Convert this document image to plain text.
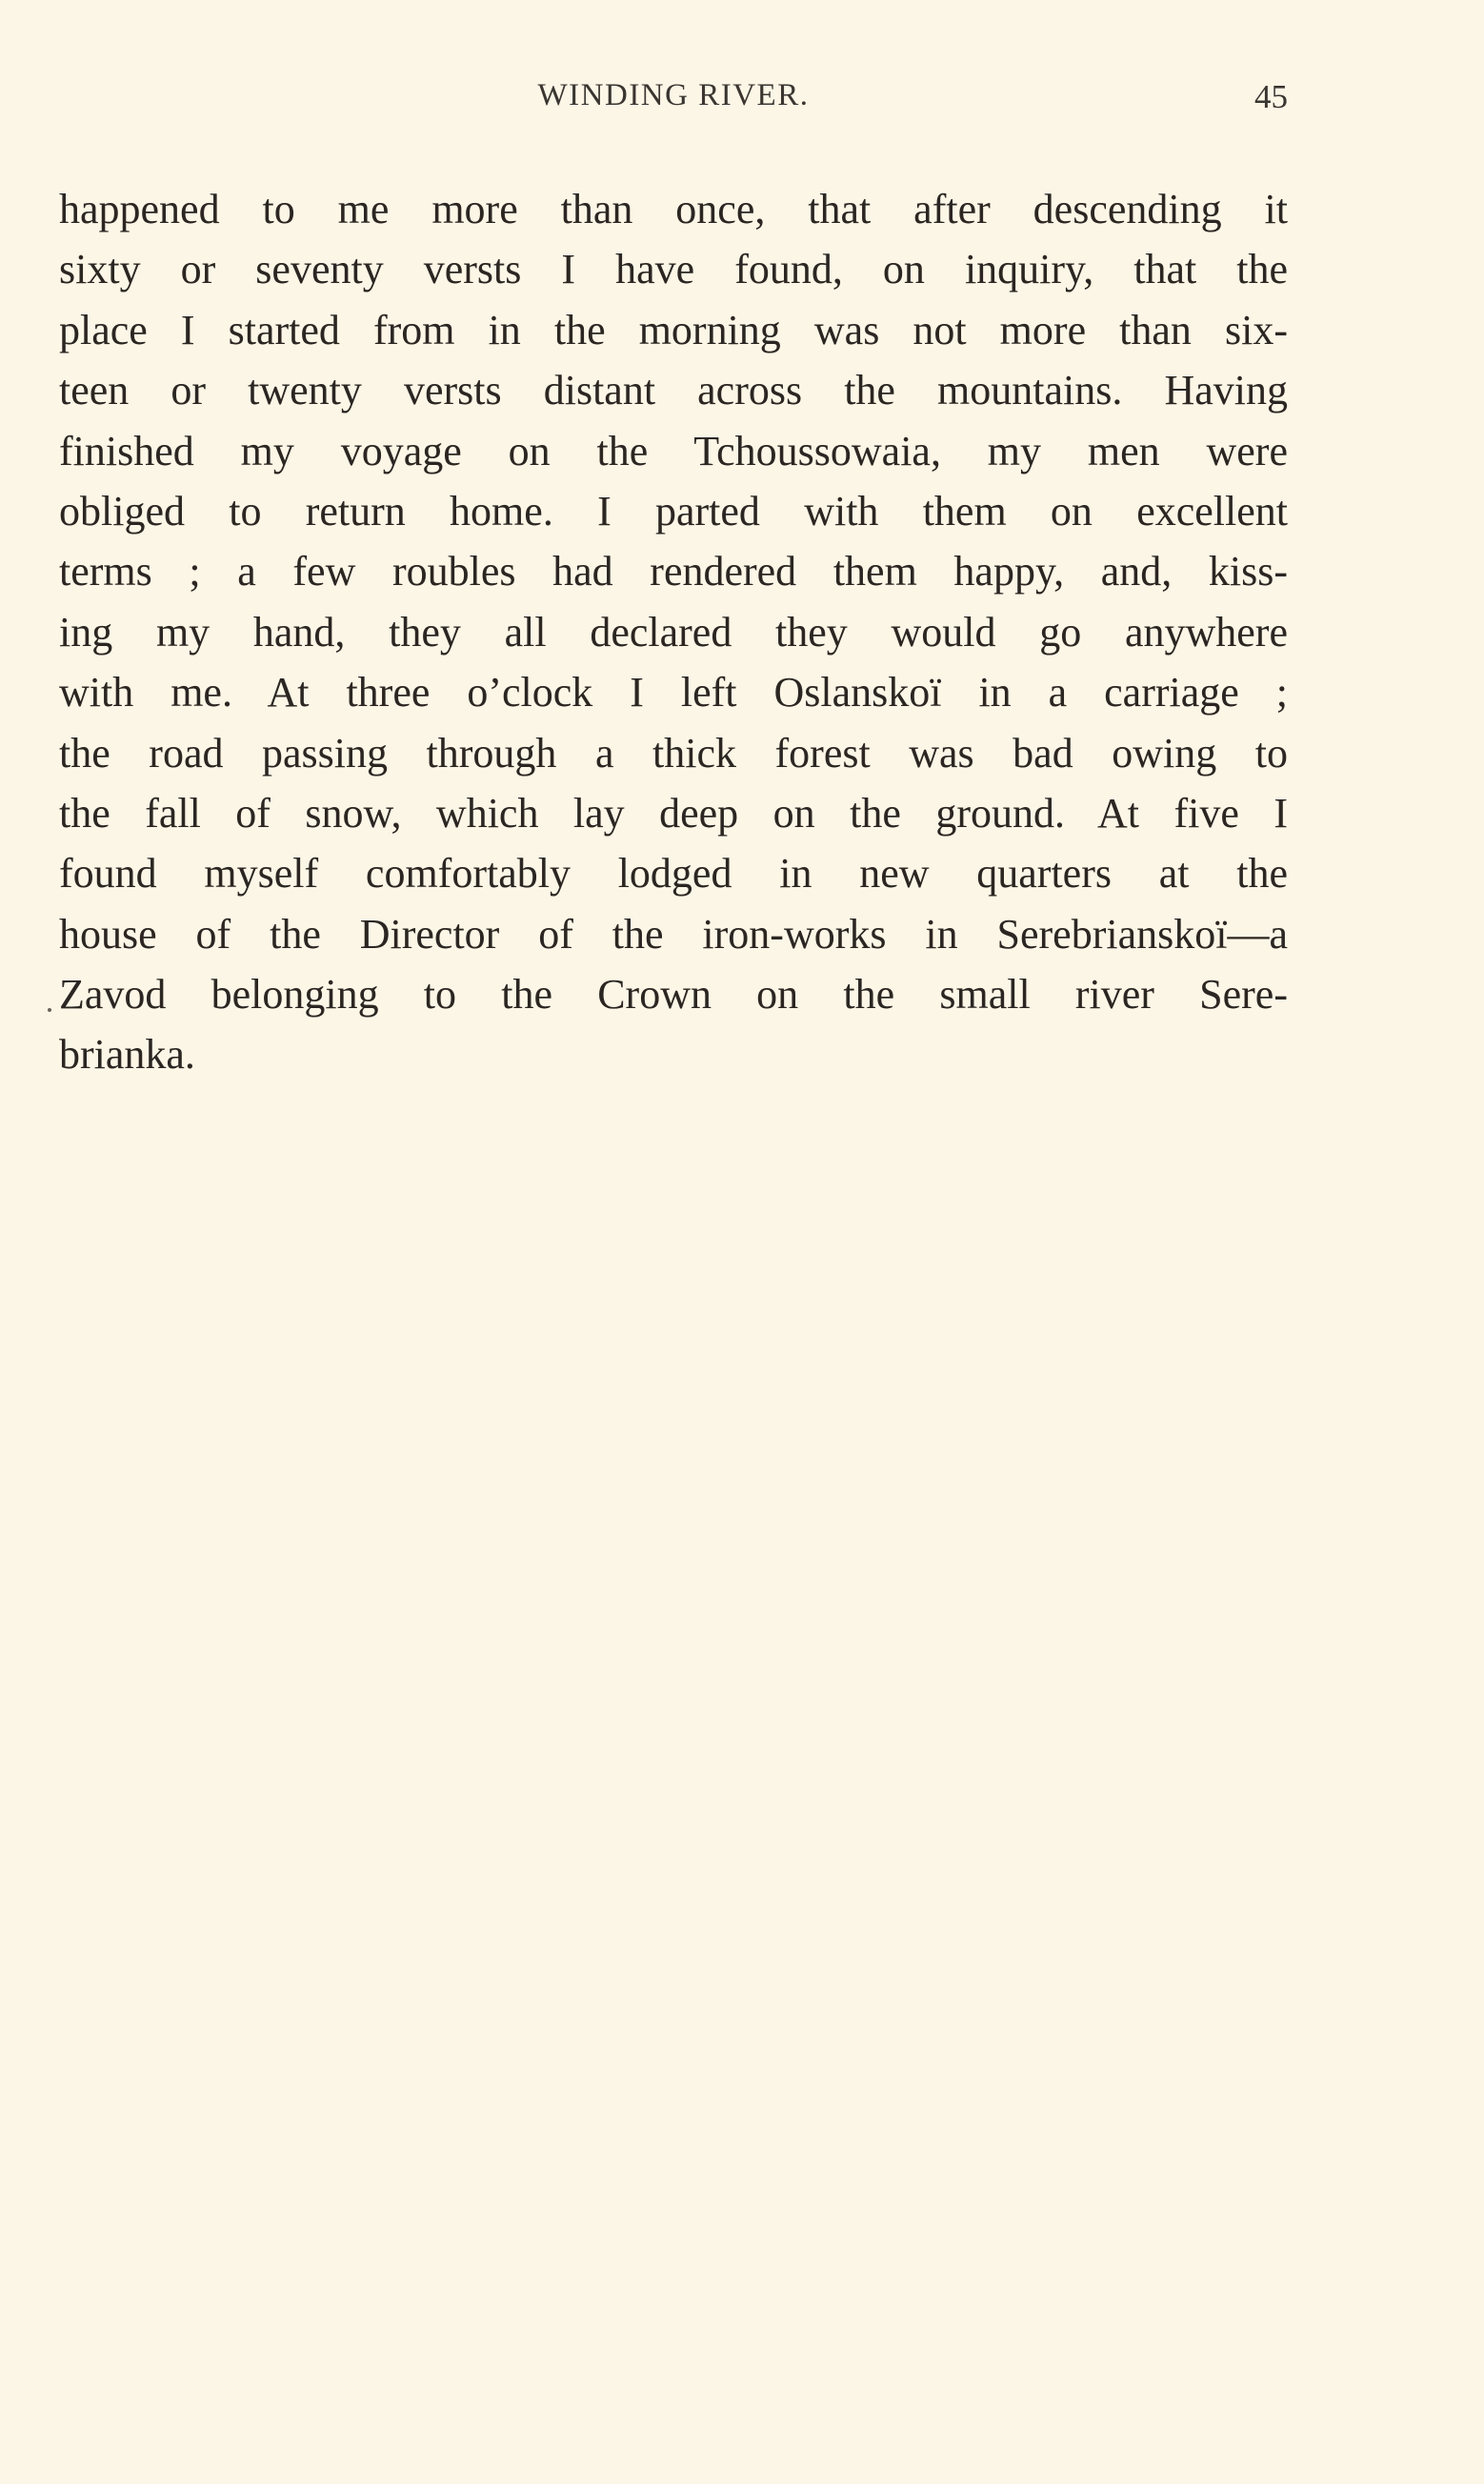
WINDING RIVER.	45
happened to me more than once, that after descending it
sixty or seventy versts I have found, on inquiry, that the
place I started from in the morning was not more than six-
teen or twenty versts distant across the mountains. Having
finished my voyage on the Tchoussowaia, my men were
obliged to return home. I parted with them on excellent
terms ; a few roubles had rendered them happy, and, kiss-
ing my hand, they all declared they would go anywhere
with me. At three o’clock I left Oslanskoï in a carriage ;
the road passing through a thick forest was bad owing to
the fall of snow, which lay deep on the ground. At five I
found myself comfortably lodged in new quarters at the
house of the Director of the iron-works in Serebrianskoï—a
Zavod belonging to the Crown on the small river Sere-
brianka.
